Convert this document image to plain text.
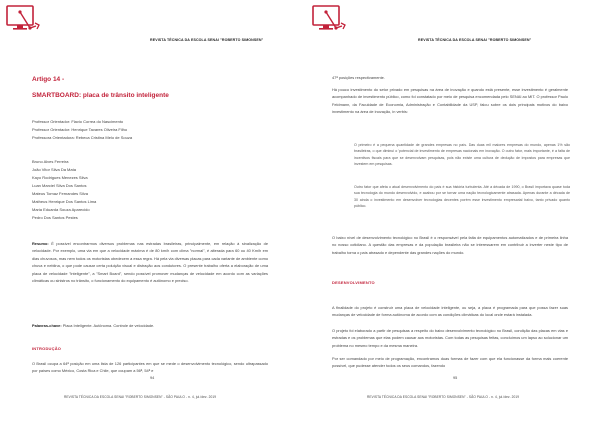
REVISTA TÉCNICA DA ESCOLA SENAI "ROBERTO SIMONSEN"
Artigo 14 -
SMARTBOARD: placa de trânsito inteligente
Professor Orientador: Flavio Correa do Nascimento
Professor Orientador: Henrique Tavares Oliveira Filho
Professora Orientadora: Rebeca Cristina Melo de Souza
Bruno Alves Ferreira
João Vitor Silva Da Mata
Kayo Rodrigues Menezes Silva
Luan Marciel Silva Dos Santos
Mateus Tomaz Fernandes Silva
Matheus Henrique Dos Santos Lima
Maria Eduarda Souza Aparecido
Pedro Dos Santos Pestes
Resumo: É possível encontrarmos diversos problemas nas estradas brasileiras, principalmente, em relação à sinalização de velocidade. Por exemplo, uma via em que a velocidade máxima é de 80 km/h com clima "normal", é alterada para 60 ou 40 Km/h em dias chuvosos, mas nem todos os motoristas obedecem a essa regra. Há pela via diversas placas para cada variante de ambiente como chuva e neblina, o que pode causar certa poluição visual e distração aos condutores. O presente trabalho oferta a elaboração de uma placa de velocidade "inteligente", a "Smart Board", sendo possível promover mudanças de velocidade em acordo com as variações climáticas ou sinistros no trânsito, o funcionamento do equipamento é autônomo e preciso.
Palavras-chave: Placa Inteligente. Autônoma. Controle de velocidade.
INTRODUÇÃO
O Brasil ocupa a 64ª posição em uma lista de 126 participantes em que se mede o desenvolvimento tecnológico, sendo ultrapassado por países como México, Costa Rica e Chile, que ocupam a 56ª, 54ª e
94
REVISTA TÉCNICA DA ESCOLA SENAI "ROBERTO SIMONSEN" - SÃO PAULO - n. 4, jul./dez. 2019
REVISTA TÉCNICA DA ESCOLA SENAI "ROBERTO SIMONSEN"
47ª posições respectivamente.
Há pouco investimento do setor privado em pesquisas na área de inovação e quando está presente, esse investimento é geralmente acompanhado de investimento público, como foi constatado por meio de pesquisa encomendada pelo SENAI ao MIT. O professor Paulo Feldmann, da Faculdade de Economia, Administração e Contabilidade da USP, falou sobre os dois principais motivos do baixo investimento na área de inovação, in verbis:
O primeiro é a pequena quantidade de grandes empresas no país. Das duas mil maiores empresas do mundo, apenas 1% são brasileiras, o que diminui o 'potencial de investimento de empresas nacionais em inovação. O outro fator, mais importante, é a falta de incentivos fiscais para que se desenvolvam pesquisas, pois não existe uma cultura de dedução de impostos para empresas que investem em pesquisas.
Outro fator que afeta o atual desenvolvimento do país é sua história turbulenta. Até a década de 1990, o Brasil importava quase toda sua tecnologia do mundo desenvolvido, e acabou por se tornar uma nação tecnologicamente atrasada. Apenas durante a década de 30 ainda o investimento em desenvolver tecnologias decentes porém esse investimento empresarial baixo, tanto privado quanto público.
O baixo nível de desenvolvimento tecnológico no Brasil é o responsável pela falta de equipamentos automatizados e de primeira linha no nosso cotidiano. A questão das empresas e da população brasileira não se interessarem em contribuir a inverter neste tipo de trabalho torna o país atrasado e dependente das grandes nações do mundo.
DESENVOLVIMENTO
A finalidade do projeto é construir uma placa de velocidade inteligente, ou seja, a placa é programada para que possa fazer suas mudanças de velocidade de forma autônoma de acordo com as condições climáticas do local onde estará instalada.
O projeto foi elaborado a partir de pesquisas a respeito do baixo desenvolvimento tecnológico no Brasil, condição das placas em vias e estradas e os problemas que elas podem causar aos motoristas. Com todas as pesquisas feitas, concluímos um lapso ao solucionar um problema no mesmo tempo e da mesma maneira.
Por ser comandado por meio de programação, encontramos duas formas de fazer com que ela funcionasse da forma mais coerente possível, que pudesse atender todos os seus comandos, fazendo
95
REVISTA TÉCNICA DA ESCOLA SENAI "ROBERTO SIMONSEN" - SÃO PAULO - n. 4, jul./dez. 2019
